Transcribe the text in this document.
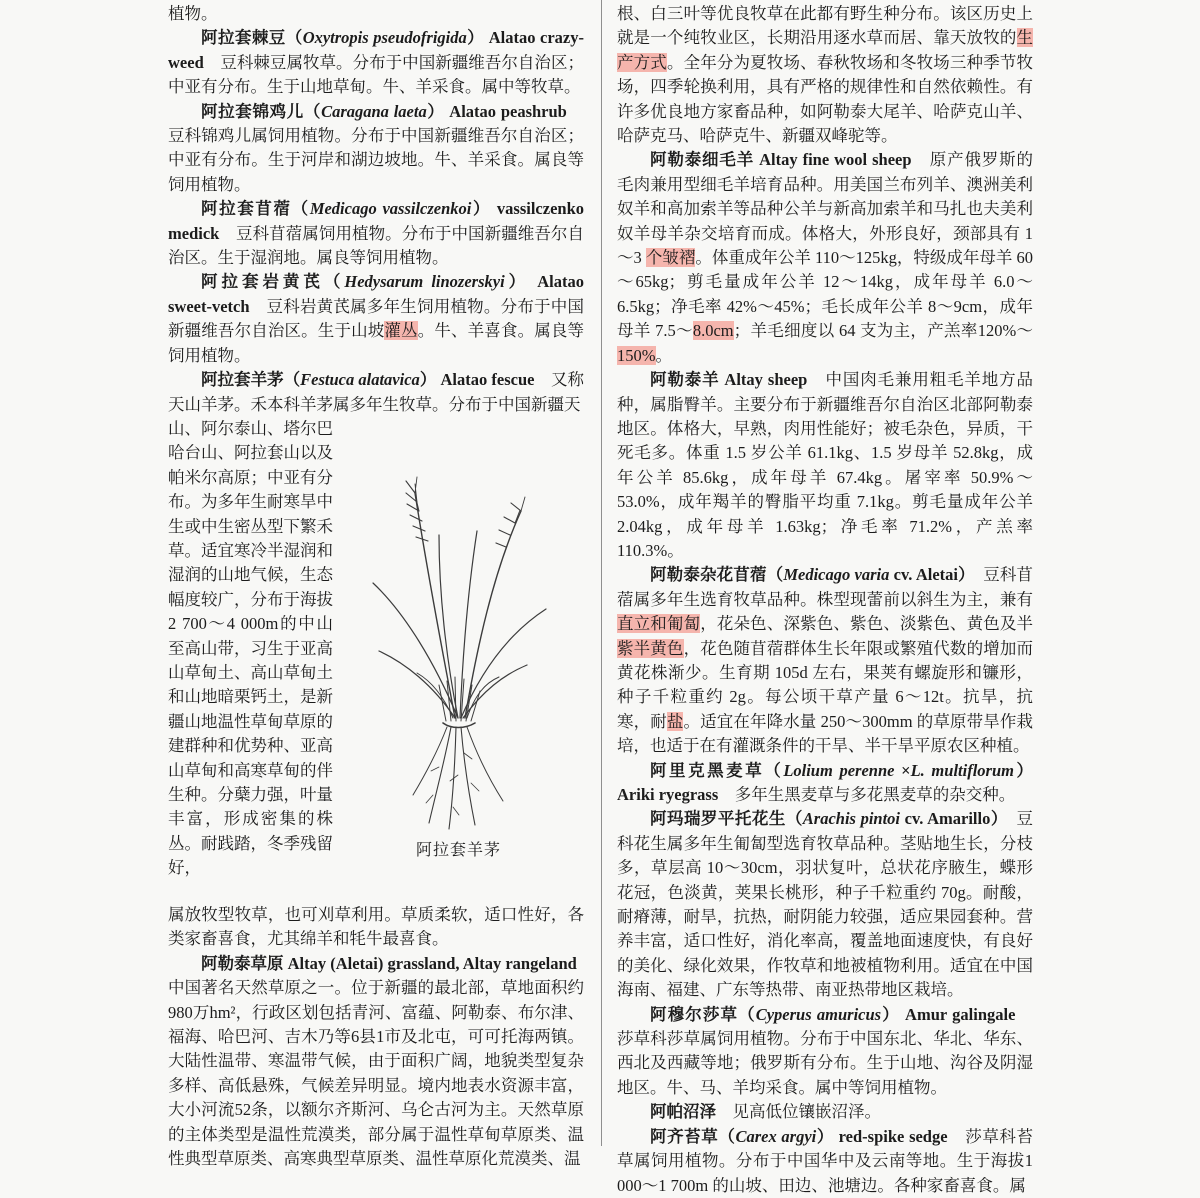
植物。

阿拉套棘豆（Oxytropis pseudofrigida） Alatao crazy-weed　豆科棘豆属牧草。分布于中国新疆维吾尔自治区；中亚有分布。生于山地草甸。牛、羊采食。属中等牧草。

阿拉套锦鸡儿（Caragana laeta） Alatao peashrub　豆科锦鸡儿属饲用植物。分布于中国新疆维吾尔自治区；中亚有分布。生于河岸和湖边坡地。牛、羊采食。属良等饲用植物。

阿拉套苜蓿（Medicago vassilczenkoi） vassilczenko medick　豆科苜蓿属饲用植物。分布于中国新疆维吾尔自治区。生于湿润地。属良等饲用植物。

阿拉套岩黄芪（Hedysarum linozerskyi） Alatao sweet-vetch　豆科岩黄芪属多年生饲用植物。分布于中国新疆维吾尔自治区。生于山坡灌丛。牛、羊喜食。属良等饲用植物。

阿拉套羊茅（Festuca alatavica） Alatao fescue　又称天山羊茅。禾本科羊茅属多年生牧草。分布于中国新疆天

山、阿尔泰山、塔尔巴哈台山、阿拉套山以及帕米尔高原；中亚有分布。为多年生耐寒旱中生或中生密丛型下繁禾草。适宜寒冷半湿润和湿润的山地气候，生态幅度较广，分布于海拔2 700～4 000m的中山至高山带，习生于亚高山草甸土、高山草甸土和山地暗栗钙土，是新疆山地温性草甸草原的建群种和优势种、亚高山草甸和高寒草甸的伴生种。分蘖力强，叶量丰富，形成密集的株丛。耐践踏，冬季残留好，
阿拉套羊茅

属放牧型牧草，也可刈草利用。草质柔软，适口性好，各类家畜喜食，尤其绵羊和牦牛最喜食。

阿勒泰草原 Altay (Aletai) grassland, Altay rangeland　中国著名天然草原之一。位于新疆的最北部，草地面积约980万hm²，行政区划包括青河、富蕴、阿勒泰、布尔津、福海、哈巴河、吉木乃等6县1市及北屯，可可托海两镇。大陆性温带、寒温带气候，由于面积广阔，地貌类型复杂多样、高低悬殊，气候差异明显。境内地表水资源丰富，大小河流52条，以额尔齐斯河、乌仑古河为主。天然草原的主体类型是温性荒漠类，部分属于温性草甸草原类、温性典型草原类、高寒典型草原类、温性草原化荒漠类、温

根、白三叶等优良牧草在此都有野生种分布。该区历史上就是一个纯牧业区，长期沿用逐水草而居、靠天放牧的生产方式。全年分为夏牧场、春秋牧场和冬牧场三种季节牧场，四季轮换利用，具有严格的规律性和自然依赖性。有许多优良地方家畜品种，如阿勒泰大尾羊、哈萨克山羊、哈萨克马、哈萨克牛、新疆双峰驼等。

阿勒泰细毛羊 Altay fine wool sheep　原产俄罗斯的毛肉兼用型细毛羊培育品种。用美国兰布列羊、澳洲美利奴羊和高加索羊等品种公羊与新高加索羊和马扎也夫美利奴羊母羊杂交培育而成。体格大，外形良好，颈部具有 1～3 个皱褶。体重成年公羊 110～125kg，特级成年母羊 60～65kg；剪毛量成年公羊 12～14kg，成年母羊 6.0～6.5kg；净毛率 42%～45%；毛长成年公羊 8～9cm，成年母羊 7.5～8.0cm；羊毛细度以 64 支为主，产羔率120%～150%。

阿勒泰羊 Altay sheep　中国肉毛兼用粗毛羊地方品种，属脂臀羊。主要分布于新疆维吾尔自治区北部阿勒泰地区。体格大，早熟，肉用性能好；被毛杂色，异质，干死毛多。体重 1.5 岁公羊 61.1kg、1.5 岁母羊 52.8kg，成年公羊 85.6kg，成年母羊 67.4kg。屠宰率 50.9%～53.0%，成年羯羊的臀脂平均重 7.1kg。剪毛量成年公羊 2.04kg，成年母羊 1.63kg；净毛率 71.2%，产羔率 110.3%。

阿勒泰杂花苜蓿（Medicago varia cv. Aletai）　豆科苜蓿属多年生选育牧草品种。株型现蕾前以斜生为主，兼有直立和匍匐，花朵色、深紫色、紫色、淡紫色、黄色及半紫半黄色，花色随苜蓿群体生长年限或繁殖代数的增加而黄花株渐少。生育期 105d 左右，果荚有螺旋形和镰形，种子千粒重约 2g。每公顷干草产量 6～12t。抗旱，抗寒，耐盐。适宜在年降水量 250～300mm 的草原带旱作栽培，也适于在有灌溉条件的干旱、半干旱平原农区种植。

阿里克黑麦草（Lolium perenne ×L. multiflorum） Ariki ryegrass　多年生黑麦草与多花黑麦草的杂交种。

阿玛瑞罗平托花生（Arachis pintoi cv. Amarillo）　豆科花生属多年生匍匐型选育牧草品种。茎贴地生长，分枝多，草层高 10～30cm，羽状复叶，总状花序腋生，蝶形花冠，色淡黄，荚果长桃形，种子千粒重约 70g。耐酸，耐瘠薄，耐旱，抗热，耐阴能力较强，适应果园套种。营养丰富，适口性好，消化率高，覆盖地面速度快，有良好的美化、绿化效果，作牧草和地被植物利用。适宜在中国海南、福建、广东等热带、南亚热带地区栽培。

阿穆尔莎草（Cyperus amuricus） Amur galingale　莎草科莎草属饲用植物。分布于中国东北、华北、华东、西北及西藏等地；俄罗斯有分布。生于山地、沟谷及阴湿地区。牛、马、羊均采食。属中等饲用植物。

阿帕沼泽　见高低位镶嵌沼泽。

阿齐苔草（Carex argyi） red-spike sedge　莎草科苔草属饲用植物。分布于中国华中及云南等地。生于海拔1 000～1 700m 的山坡、田边、池塘边。各种家畜喜食。属
